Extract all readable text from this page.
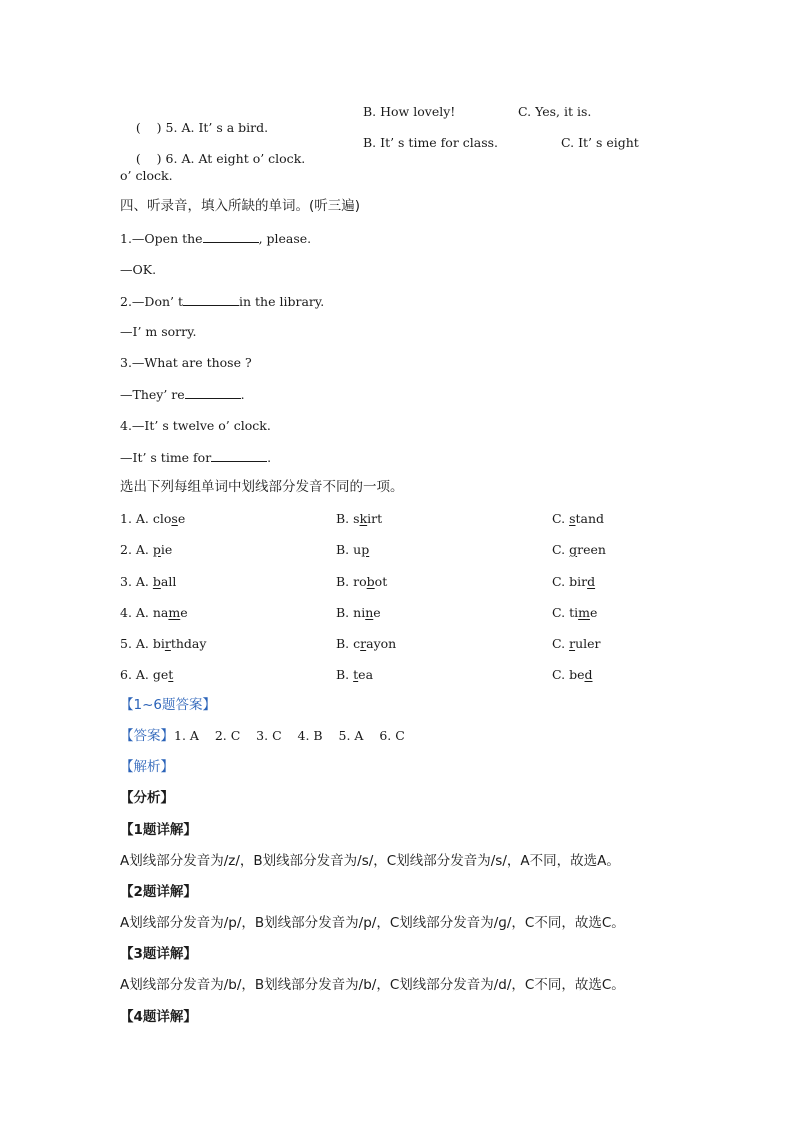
(    ) 5. A. It’ s a bird.

B. How lovely!	C. Yes, it is.

(    ) 6. A. At eight o’ clock.

B. It’ s time for class.	C. It’ s eight
o’ clock.
四、听录音，填入所缺的单词。(听三遍)
1.—Open the	, please.
—OK.
2.—Don’ t	in the library.
—I’ m sorry.
3.—What are those ?
—They’ re	.
4.—It’ s twelve o’ clock.
—It’ s time for	.
选出下列每组单词中划线部分发音不同的一项。
1. A. close	B. skirt	C. stand
2. A. pie	B. up	C. green
3. A. ball	B. robot	C. bird
4. A. name	B. nine	C. time
5. A. birthday	B. crayon	C. ruler
6. A. get	B. tea	C. bed
【1~6题答案】
【答案】1. A    2. C    3. C    4. B    5. A    6. C
【解析】
【分析】
【1题详解】
A划线部分发音为/z/，B划线部分发音为/s/，C划线部分发音为/s/，A不同，故选A。
【2题详解】
A划线部分发音为/p/，B划线部分发音为/p/，C划线部分发音为/ɡ/，C不同，故选C。
【3题详解】
A划线部分发音为/b/，B划线部分发音为/b/，C划线部分发音为/d/，C不同，故选C。
【4题详解】
